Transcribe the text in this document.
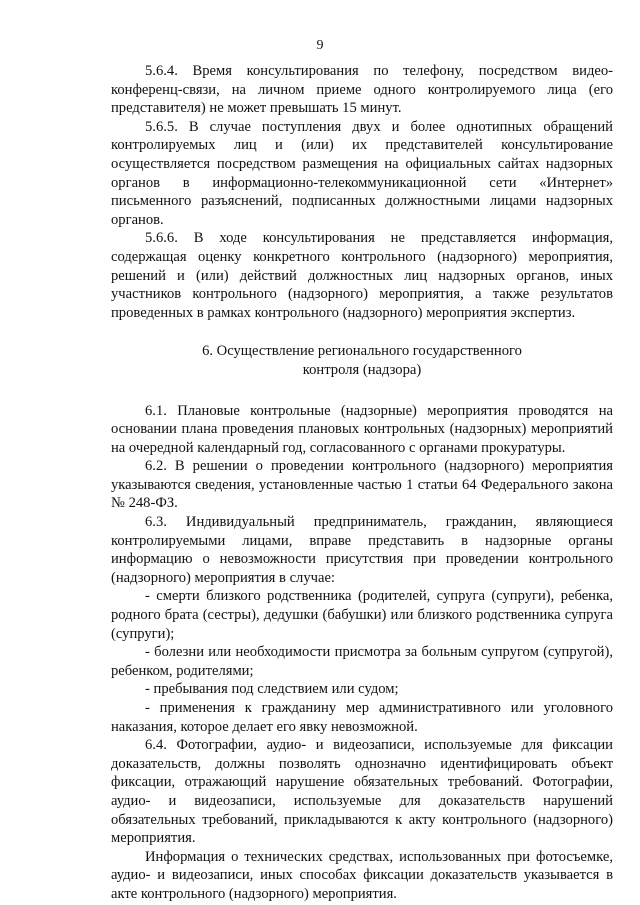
9

5.6.4. Время консультирования по телефону, посредством видео-конференц-связи, на личном приеме одного контролируемого лица (его представителя) не может превышать 15 минут.

5.6.5. В случае поступления двух и более однотипных обращений контролируемых лиц и (или) их представителей консультирование осуществляется посредством размещения на официальных сайтах надзорных органов в информационно-телекоммуникационной сети «Интернет» письменного разъяснений, подписанных должностными лицами надзорных органов.

5.6.6. В ходе консультирования не представляется информация, содержащая оценку конкретного контрольного (надзорного) мероприятия, решений и (или) действий должностных лиц надзорных органов, иных участников контрольного (надзорного) мероприятия, а также результатов проведенных в рамках контрольного (надзорного) мероприятия экспертиз.

6. Осуществление регионального государственного
контроля (надзора)

6.1. Плановые контрольные (надзорные) мероприятия проводятся на основании плана проведения плановых контрольных (надзорных) мероприятий на очередной календарный год, согласованного с органами прокуратуры.

6.2. В решении о проведении контрольного (надзорного) мероприятия указываются сведения, установленные частью 1 статьи 64 Федерального закона № 248-ФЗ.

6.3. Индивидуальный предприниматель, гражданин, являющиеся контролируемыми лицами, вправе представить в надзорные органы информацию о невозможности присутствия при проведении контрольного (надзорного) мероприятия в случае:

- смерти близкого родственника (родителей, супруга (супруги), ребенка, родного брата (сестры), дедушки (бабушки) или близкого родственника супруга (супруги);

- болезни или необходимости присмотра за больным супругом (супругой), ребенком, родителями;

- пребывания под следствием или судом;

- применения к гражданину мер административного или уголовного наказания, которое делает его явку невозможной.

6.4. Фотографии, аудио- и видеозаписи, используемые для фиксации доказательств, должны позволять однозначно идентифицировать объект фиксации, отражающий нарушение обязательных требований. Фотографии, аудио- и видеозаписи, используемые для доказательств нарушений обязательных требований, прикладываются к акту контрольного (надзорного) мероприятия.

Информация о технических средствах, использованных при фотосъемке, аудио- и видеозаписи, иных способах фиксации доказательств указывается в акте контрольного (надзорного) мероприятия.
